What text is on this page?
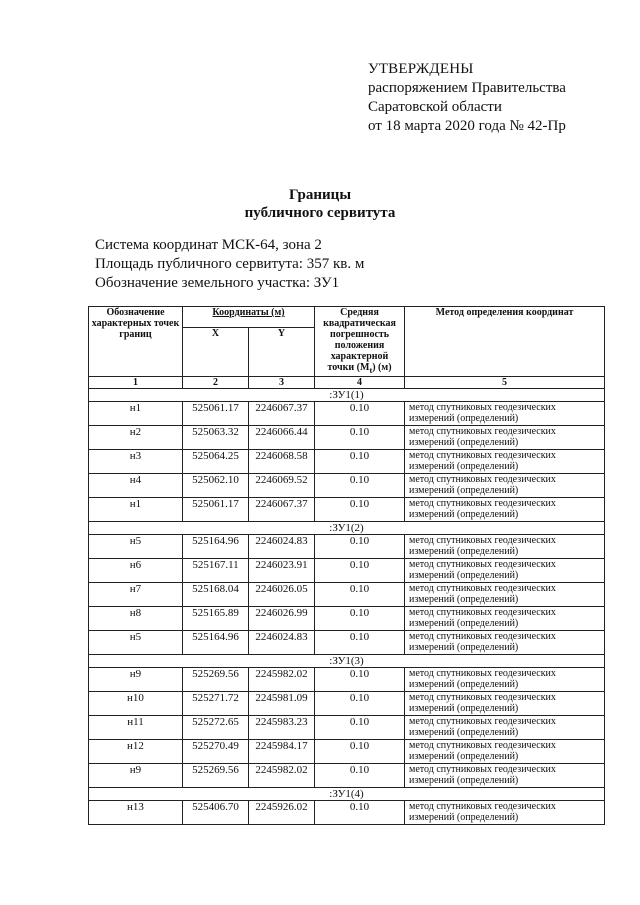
УТВЕРЖДЕНЫ
распоряжением Правительства
Саратовской области
от 18 марта 2020 года № 42-Пр
Границы
публичного сервитута
Система координат МСК-64, зона 2
Площадь публичного сервитута: 357 кв. м
Обозначение земельного участка: ЗУ1
Обозначение характерных точек границ	Координаты (м)		Средняя квадратическая погрешность положения характерной точки $(M_t)$ (м)	Метод определения координат
	X	Y		
1	2	3	4	5
:ЗУ1(1)				
н1	525061.17	2246067.37	0.10	метод спутниковых геодезических измерений (определений)
н2	525063.32	2246066.44	0.10	метод спутниковых геодезических измерений (определений)
н3	525064.25	2246068.58	0.10	метод спутниковых геодезических измерений (определений)
н4	525062.10	2246069.52	0.10	метод спутниковых геодезических измерений (определений)
н1	525061.17	2246067.37	0.10	метод спутниковых геодезических измерений (определений)
:ЗУ1(2)				
н5	525164.96	2246024.83	0.10	метод спутниковых геодезических измерений (определений)
н6	525167.11	2246023.91	0.10	метод спутниковых геодезических измерений (определений)
н7	525168.04	2246026.05	0.10	метод спутниковых геодезических измерений (определений)
н8	525165.89	2246026.99	0.10	метод спутниковых геодезических измерений (определений)
н5	525164.96	2246024.83	0.10	метод спутниковых геодезических измерений (определений)
:ЗУ1(3)				
н9	525269.56	2245982.02	0.10	метод спутниковых геодезических измерений (определений)
н10	525271.72	2245981.09	0.10	метод спутниковых геодезических измерений (определений)
н11	525272.65	2245983.23	0.10	метод спутниковых геодезических измерений (определений)
н12	525270.49	2245984.17	0.10	метод спутниковых геодезических измерений (определений)
н9	525269.56	2245982.02	0.10	метод спутниковых геодезических измерений (определений)
:ЗУ1(4)				
н13	525406.70	2245926.02	0.10	метод спутниковых геодезических измерений (определений)
